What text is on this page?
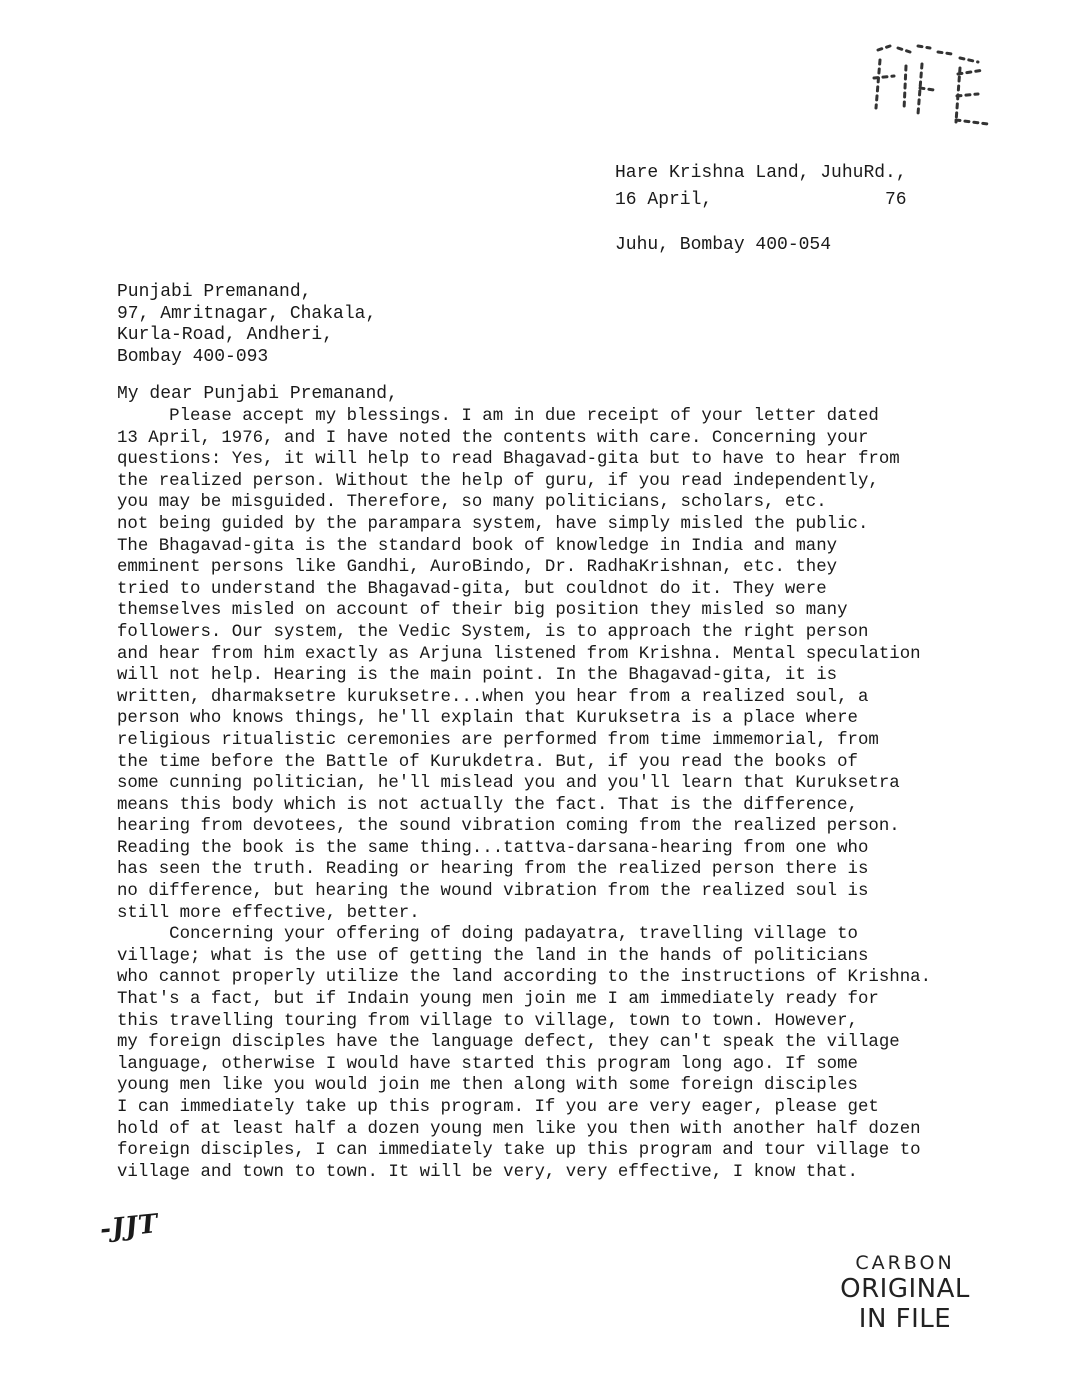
Hare Krishna Land, JuhuRd.,

Juhu, Bombay 400-054

16 April,	76
Punjabi Premanand,
97, Amritnagar, Chakala,
Kurla-Road, Andheri,
Bombay 400-093
My dear Punjabi Premanand,
Please accept my blessings. I am in due receipt of your letter dated
13 April, 1976, and I have noted the contents with care. Concerning your
questions: Yes, it will help to read Bhagavad-gita but to have to hear from
the realized person. Without the help of guru, if you read independently,
you may be misguided. Therefore, so many politicians, scholars, etc.
not being guided by the parampara system, have simply misled the public.
The Bhagavad-gita is the standard book of knowledge in India and many
emminent persons like Gandhi, AuroBindo, Dr. RadhaKrishnan, etc. they
tried to understand the Bhagavad-gita, but couldnot do it. They were
themselves misled on account of their big position they misled so many
followers. Our system, the Vedic System, is to approach the right person
and hear from him exactly as Arjuna listened from Krishna. Mental speculation
will not help. Hearing is the main point. In the Bhagavad-gita, it is
written, dharmaksetre kuruksetre...when you hear from a realized soul, a
person who knows things, he'll explain that Kuruksetra is a place where
religious ritualistic ceremonies are performed from time immemorial, from
the time before the Battle of Kurukdetra. But, if you read the books of
some cunning politician, he'll mislead you and you'll learn that Kuruksetra
means this body which is not actually the fact. That is the difference,
hearing from devotees, the sound vibration coming from the realized person.
Reading the book is the same thing...tattva-darsana-hearing from one who
has seen the truth. Reading or hearing from the realized person there is
no difference, but hearing the wound vibration from the realized soul is
still more effective, better.
Concerning your offering of doing padayatra, travelling village to
village; what is the use of getting the land in the hands of politicians
who cannot properly utilize the land according to the instructions of Krishna.
That's a fact, but if Indain young men join me I am immediately ready for
this travelling touring from village to village, town to town. However,
my foreign disciples have the language defect, they can't speak the village
language, otherwise I would have started this program long ago. If some
young men like you would join me then along with some foreign disciples
I can immediately take up this program. If you are very eager, please get
hold of at least half a dozen young men like you then with another half dozen
foreign disciples, I can immediately take up this program and tour village to
village and town to town. It will be very, very effective, I know that.
-JJT
CARBON
ORIGINAL
IN FILE
